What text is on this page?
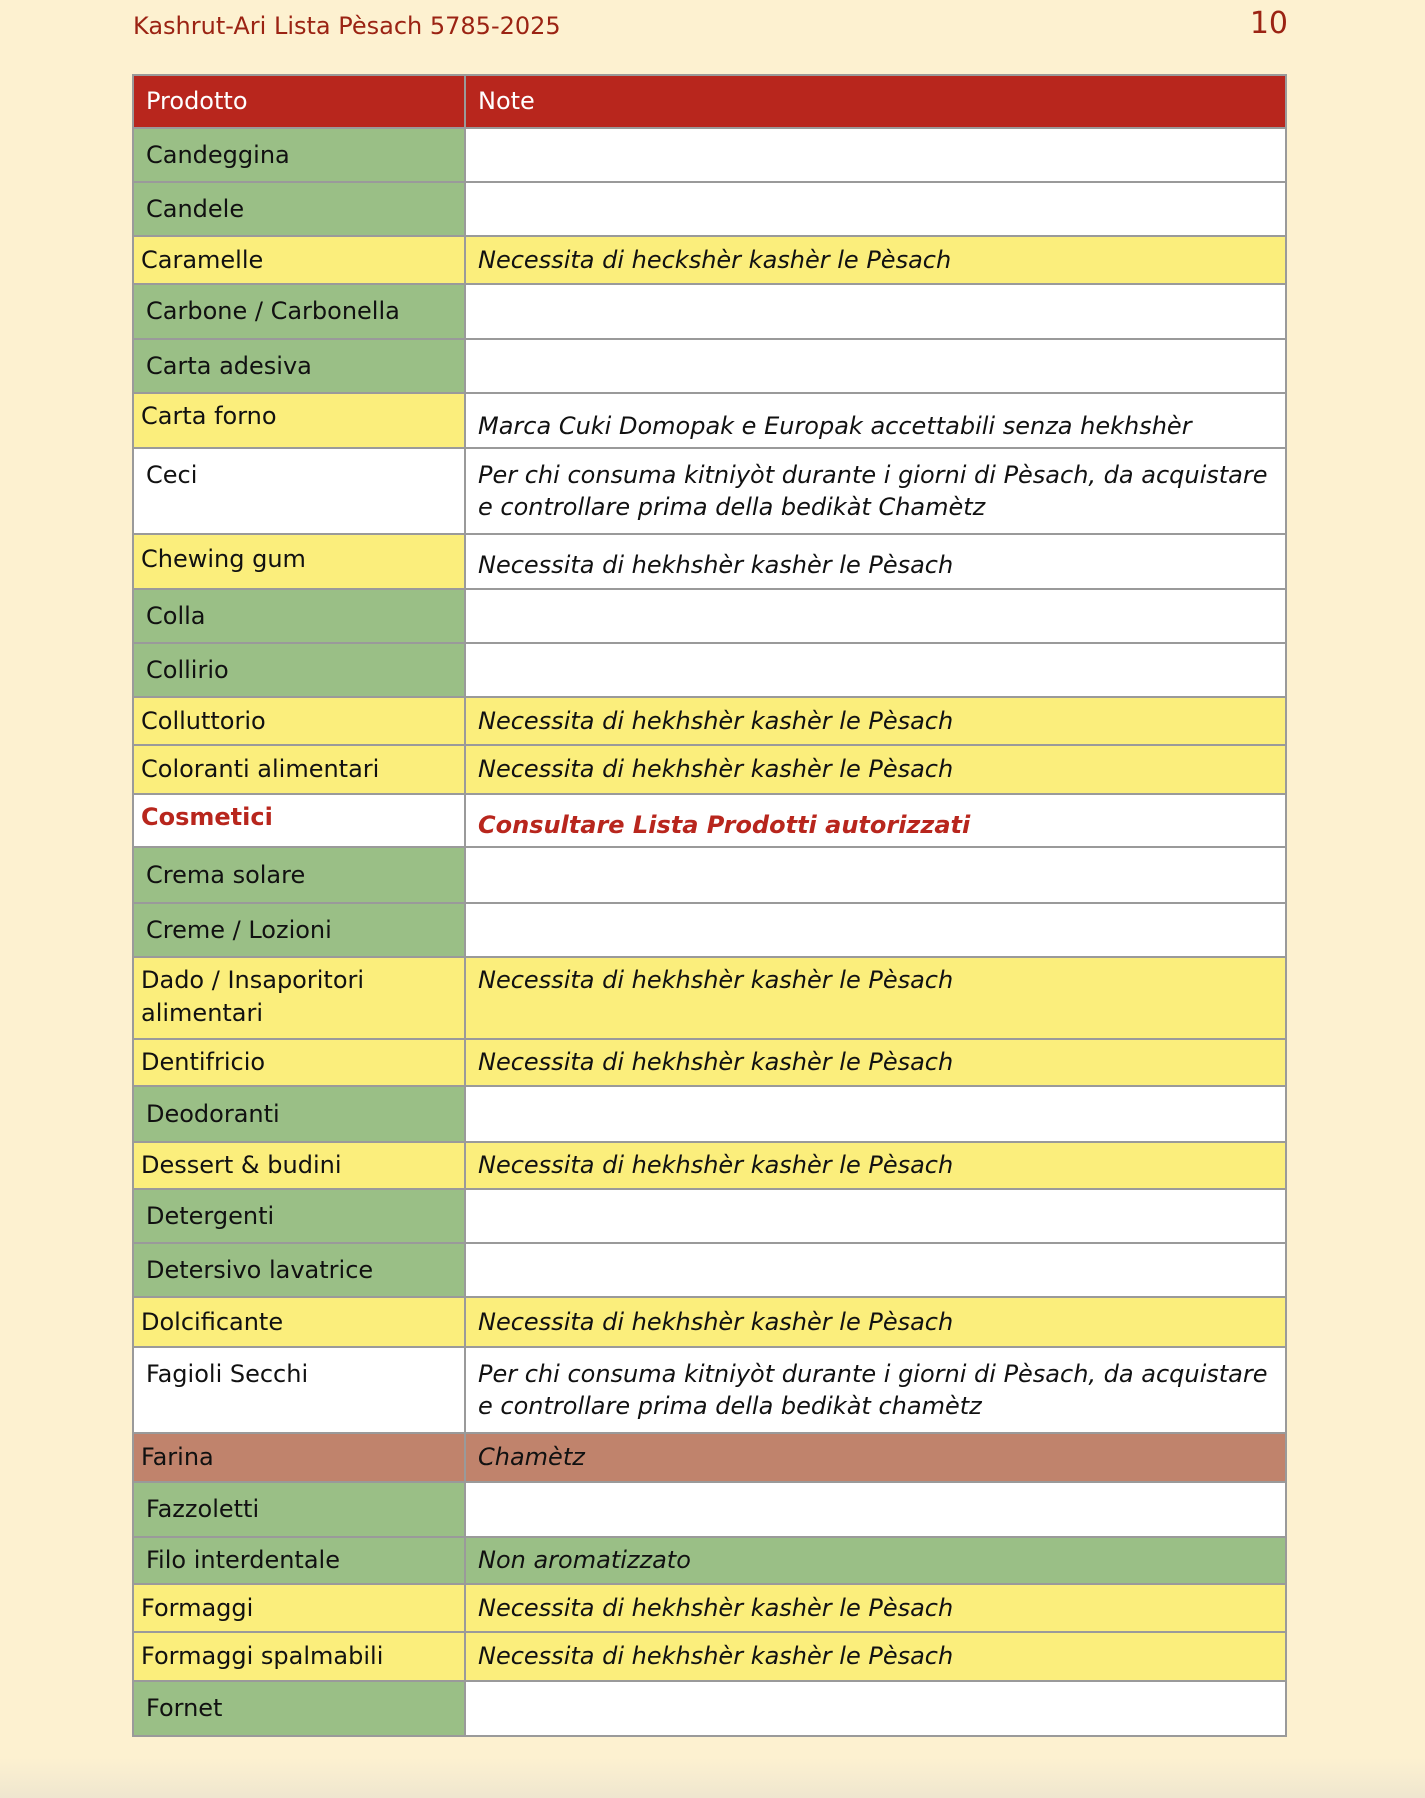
Kashrut-Ari Lista Pèsach 5785-2025	10
Prodotto	Note
Candeggina	
Candele	
Caramelle	Necessita di heckshèr kashèr le Pèsach
Carbone / Carbonella	
Carta adesiva	
Carta forno	Marca Cuki Domopak e Europak accettabili senza hekhshèr
Ceci	Per chi consuma kitniyòt durante i giorni di Pèsach, da acquistare e controllare prima della bedikàt Chamètz
Chewing gum	Necessita di hekhshèr kashèr le Pèsach
Colla	
Collirio	
Colluttorio	Necessita di hekhshèr kashèr le Pèsach
Coloranti alimentari	Necessita di hekhshèr kashèr le Pèsach
Cosmetici	Consultare Lista Prodotti autorizzati
Crema solare	
Creme / Lozioni	
Dado / Insaporitori alimentari	Necessita di hekhshèr kashèr le Pèsach
Dentifricio	Necessita di hekhshèr kashèr le Pèsach
Deodoranti	
Dessert & budini	Necessita di hekhshèr kashèr le Pèsach
Detergenti	
Detersivo lavatrice	
Dolcificante	Necessita di hekhshèr kashèr le Pèsach
Fagioli Secchi	Per chi consuma kitniyòt durante i giorni di Pèsach, da acquistare e controllare prima della bedikàt chamètz
Farina	Chamètz
Fazzoletti	
Filo interdentale	Non aromatizzato
Formaggi	Necessita di hekhshèr kashèr le Pèsach
Formaggi spalmabili	Necessita di hekhshèr kashèr le Pèsach
Fornet	
